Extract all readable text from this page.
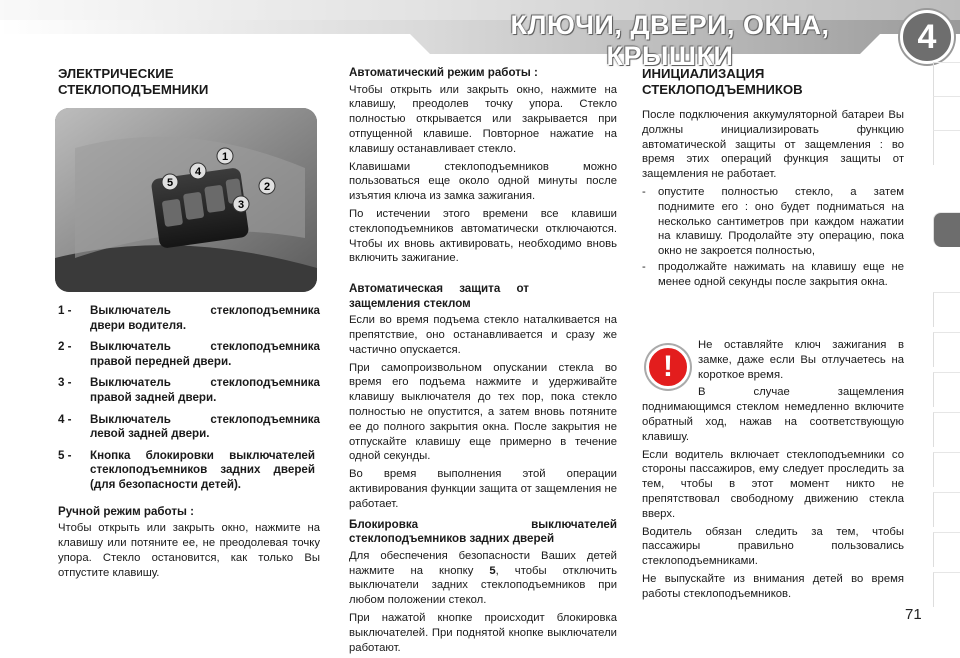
КЛЮЧИ, ДВЕРИ, ОКНА, КРЫШКИ	4
ЭЛЕКТРИЧЕСКИЕ СТЕКЛОПОДЪЕМНИКИ
1
2
3
4
5
1 -	Выключатель стеклоподъемника двери водителя.
2 -	Выключатель стеклоподъемника правой передней двери.
3 -	Выключатель стеклоподъемника правой задней двери.
4 -	Выключатель стеклоподъемника левой задней двери.
5 -	Кнопка блокировки выключателей стеклоподъемников задних дверей (для безопасности детей).
Ручной режим работы :

Чтобы открыть или закрыть окно, нажмите на клавишу или потяните ее, не преодолевая точку упора. Стекло остановится, как только Вы отпустите клавишу.

Автоматический режим работы :

Чтобы открыть или закрыть окно, нажмите на клавишу, преодолев точку упора. Стекло полностью открывается или закрывается при отпущенной клавише. Повторное нажатие на клавишу останавливает стекло.

Клавишами стеклоподъемников можно пользоваться еще около одной минуты после изъятия ключа из замка зажигания.

По истечении этого времени все клавиши стеклоподъемников автоматически отключаются. Чтобы их вновь активировать, необходимо вновь включить зажигание.

Автоматическая защита от защемления стеклом

Если во время подъема стекло наталкивается на препятствие, оно останавливается и сразу же частично опускается.

При самопроизвольном опускании стекла во время его подъема нажмите и удерживайте клавишу выключателя до тех пор, пока стекло полностью не опустится, а затем вновь потяните ее до полного закрытия окна. После закрытия не отпускайте клавишу еще примерно в течение одной секунды.

Во время выполнения этой операции активирования функции защита от защемления не работает.

Блокировка выключателей стеклоподъемников задних дверей

Для обеспечения безопасности Ваших детей нажмите на кнопку 5, чтобы отключить выключатели задних стеклоподъемников при любом положении стекол.

При нажатой кнопке происходит блокировка выключателей. При поднятой кнопке выключатели работают.

ИНИЦИАЛИЗАЦИЯ СТЕКЛОПОДЪЕМНИКОВ

После подключения аккумуляторной батареи Вы должны инициализировать функцию автоматической защиты от защемления : во время этих операций функция защиты от защемления не работает.

-	опустите полностью стекло, а затем поднимите его : оно будет подниматься на несколько сантиметров при каждом нажатии на клавишу. Продолайте эту операцию, пока окно не закроется полностью,
-	продолжайте нажимать на клавишу еще не менее одной секунды после закрытия окна.
!

Не оставляйте ключ зажигания в замке, даже если Вы отлучаетесь на короткое время.

В случае защемления поднимающимся стеклом немедленно включите обратный ход, нажав на соответствующую клавишу.

Если водитель включает стеклоподъемники со стороны пассажиров, ему следует проследить за тем, чтобы в этот момент никто не препятствовал свободному движению стекла вверх.

Водитель обязан следить за тем, чтобы пассажиры правильно пользовались стеклоподъемниками.

Не выпускайте из внимания детей во время работы стеклоподъемников.

71
